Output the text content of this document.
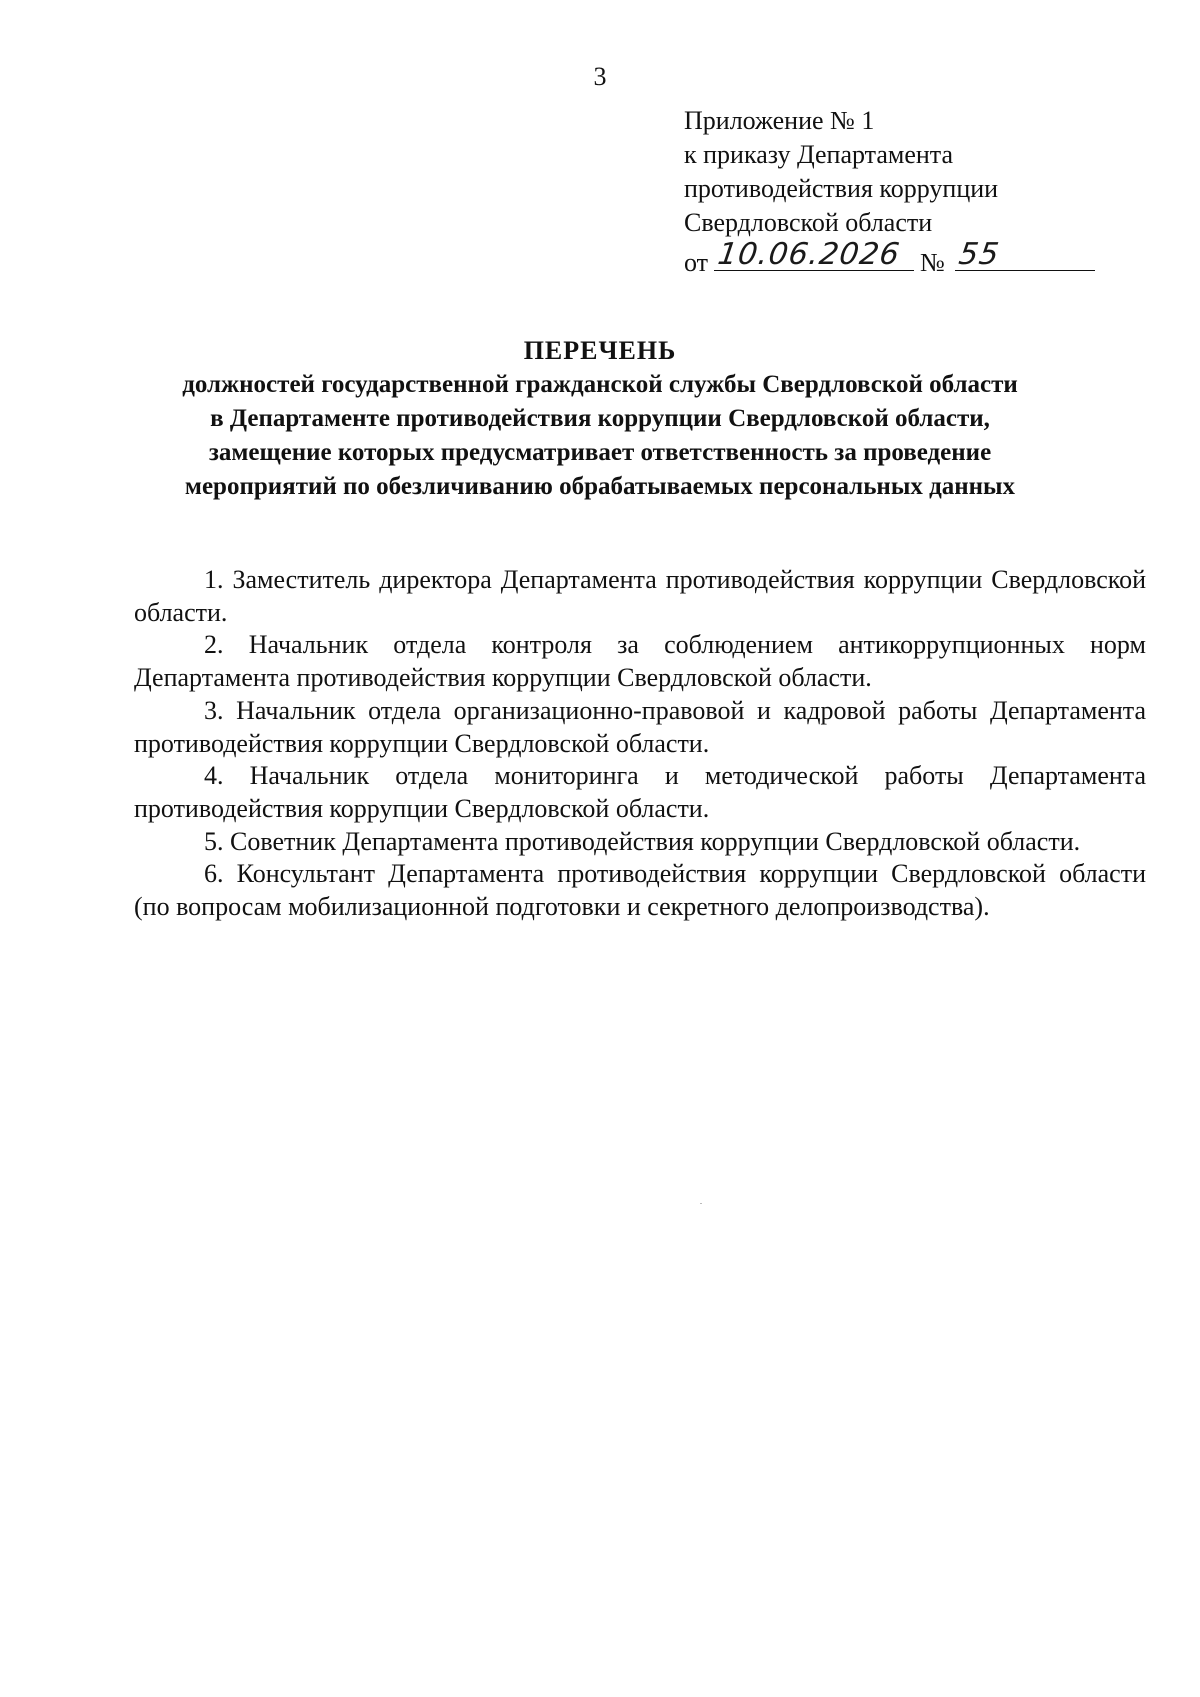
3
Приложение № 1
к приказу Департамента
противодействия коррупции
Свердловской области
от 10.06.2026 № 55
ПЕРЕЧЕНЬ
должностей государственной гражданской службы Свердловской области
в Департаменте противодействия коррупции Свердловской области,
замещение которых предусматривает ответственность за проведение
мероприятий по обезличиванию обрабатываемых персональных данных

1. Заместитель директора Департамента противодействия коррупции Свердловской области.

2. Начальник отдела контроля за соблюдением антикоррупционных норм Департамента противодействия коррупции Свердловской области.

3. Начальник отдела организационно-правовой и кадровой работы Департамента противодействия коррупции Свердловской области.

4. Начальник отдела мониторинга и методической работы Департамента противодействия коррупции Свердловской области.

5. Советник Департамента противодействия коррупции Свердловской области.

6. Консультант Департамента противодействия коррупции Свердловской области (по вопросам мобилизационной подготовки и секретного делопроизводства).
